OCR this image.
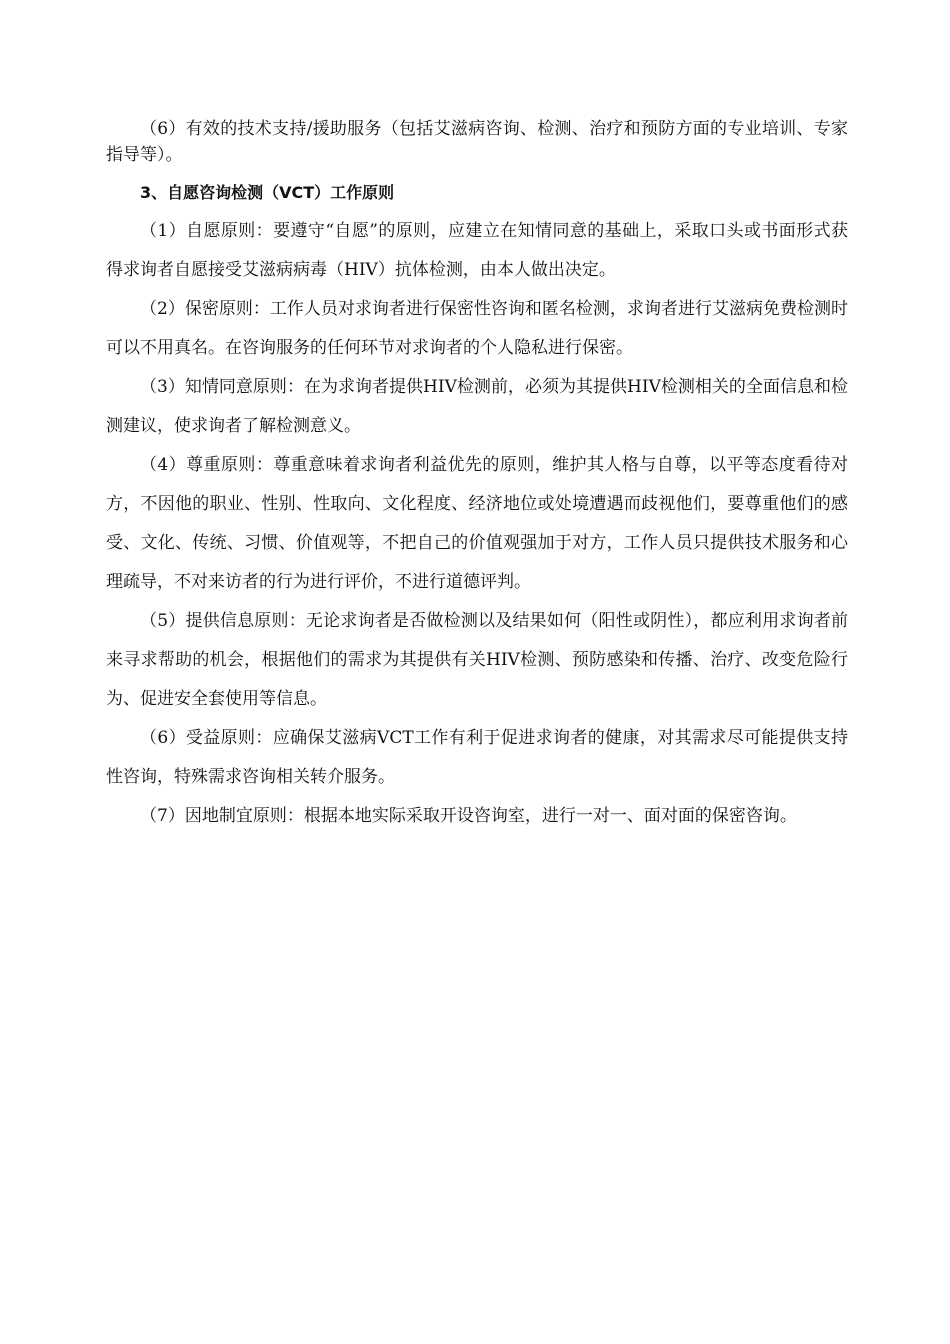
（6）有效的技术支持/援助服务（包括艾滋病咨询、检测、治疗和预防方面的专业培训、专家指导等）。

3、自愿咨询检测（VCT）工作原则

（1）自愿原则：要遵守“自愿”的原则，应建立在知情同意的基础上，采取口头或书面形式获得求询者自愿接受艾滋病病毒（HIV）抗体检测，由本人做出决定。

（2）保密原则：工作人员对求询者进行保密性咨询和匿名检测，求询者进行艾滋病免费检测时可以不用真名。在咨询服务的任何环节对求询者的个人隐私进行保密。

（3）知情同意原则：在为求询者提供HIV检测前，必须为其提供HIV检测相关的全面信息和检测建议，使求询者了解检测意义。

（4）尊重原则：尊重意味着求询者利益优先的原则，维护其人格与自尊，以平等态度看待对方，不因他的职业、性别、性取向、文化程度、经济地位或处境遭遇而歧视他们，要尊重他们的感受、文化、传统、习惯、价值观等，不把自己的价值观强加于对方，工作人员只提供技术服务和心理疏导，不对来访者的行为进行评价，不进行道德评判。

（5）提供信息原则：无论求询者是否做检测以及结果如何（阳性或阴性），都应利用求询者前来寻求帮助的机会，根据他们的需求为其提供有关HIV检测、预防感染和传播、治疗、改变危险行为、促进安全套使用等信息。

（6）受益原则：应确保艾滋病VCT工作有利于促进求询者的健康，对其需求尽可能提供支持性咨询，特殊需求咨询相关转介服务。

（7）因地制宜原则：根据本地实际采取开设咨询室，进行一对一、面对面的保密咨询。
